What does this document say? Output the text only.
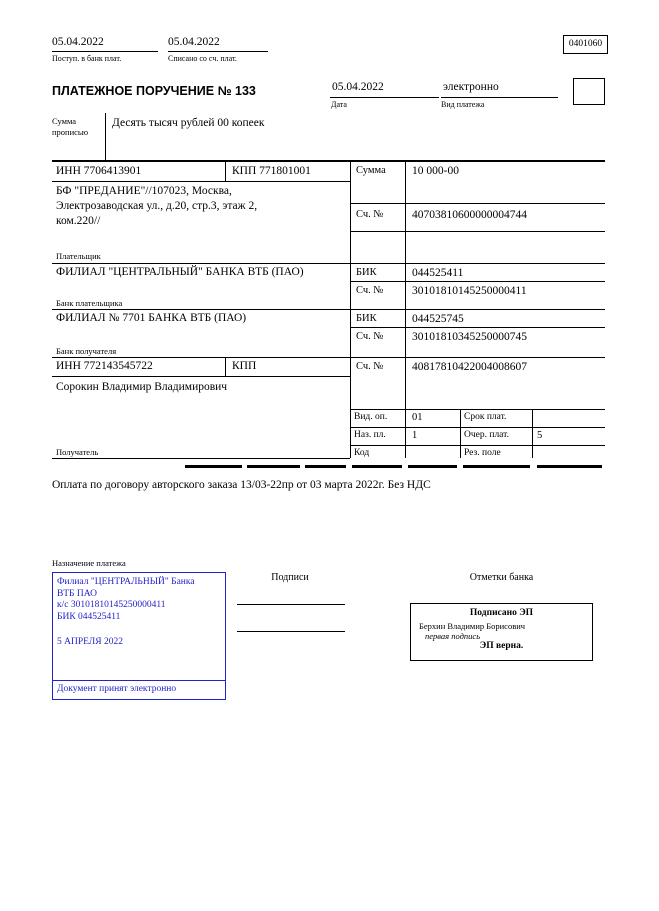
05.04.2022
Поступ. в банк плат.
05.04.2022
Списано со сч. плат.
0401060
ПЛАТЕЖНОЕ ПОРУЧЕНИЕ № 133	05.04.2022
Дата
электронно
Вид платежа
Сумма прописью
Десять тысяч рублей 00 копеек
ИНН 7706413901	КПП 771801001	Сумма 10 000-00
БФ "ПРЕДАНИЕ"//107023, Москва, Электрозаводская ул., д.20, стр.3, этаж 2, ком.220//
Сч. № 40703810600000004744
Плательщик
ФИЛИАЛ "ЦЕНТРАЛЬНЫЙ" БАНКА ВТБ (ПАО)	БИК	044525411
Сч. № 30101810145250000411
Банк плательщика
ФИЛИАЛ № 7701 БАНКА ВТБ (ПАО)	БИК	044525745
Сч. № 30101810345250000745
Банк получателя
ИНН 772143545722	КПП	Сч. № 40817810422004008607
Сорокин Владимир Владимирович
Вид. оп. 01	Срок плат.
Наз. пл. 1	Очер. плат.	5
Получатель	Код	Рез. поле
Оплата по договору авторского заказа 13/03-22пр от 03 марта 2022г. Без НДС
Назначение платежа
Подписи	Отметки банка
Филиал "ЦЕНТРАЛЬНЫЙ" Банка
ВТБ ПАО
к/с 30101810145250000411
БИК 044525411
5 АПРЕЛЯ 2022
Документ принят электронно
Подписано ЭП
Берхин Владимир Борисович
первая подпись
ЭП верна.
